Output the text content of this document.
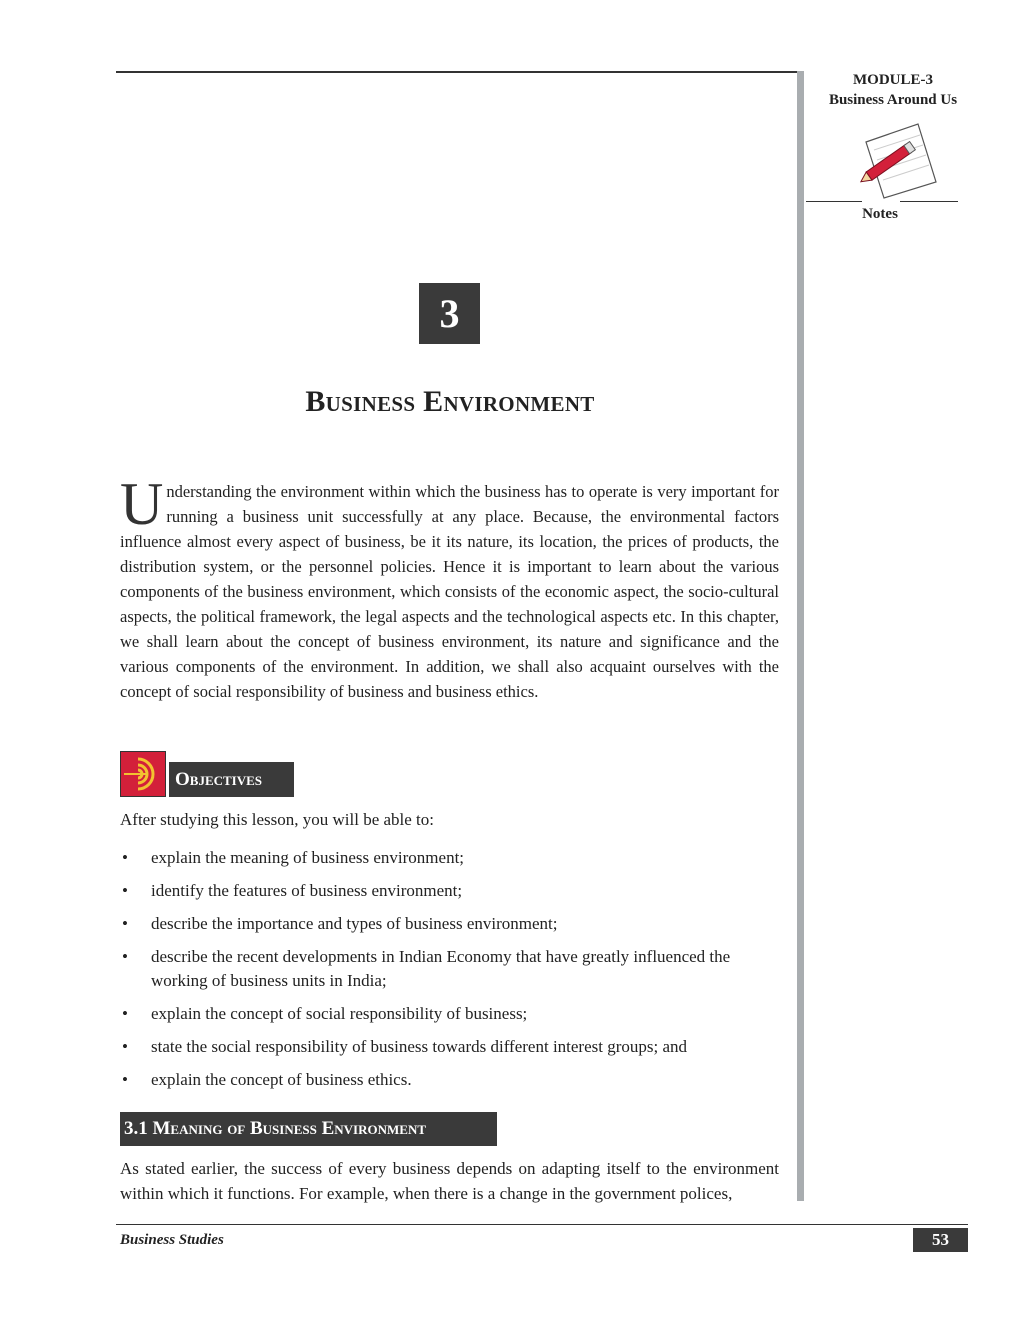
MODULE-3
Business Around Us
Notes
3
Business Environment
Understanding the environment within which the business has to operate is very important for running a business unit successfully at any place. Because, the environmental factors influence almost every aspect of business, be it its nature, its location, the prices of products, the distribution system, or the personnel policies. Hence it is important to learn about the various components of the business environment, which consists of the economic aspect, the socio-cultural aspects, the political framework, the legal aspects and the technological aspects etc. In this chapter, we shall learn about the concept of business environment, its nature and significance and the various components of the environment. In addition, we shall also acquaint ourselves with the concept of social responsibility of business and business ethics.
Objectives
After studying this lesson, you will be able to:
• explain the meaning of business environment;
• identify the features of business environment;
• describe the importance and types of business environment;
• describe the recent developments in Indian Economy that have greatly influenced the working of business units in India;
• explain the concept of social responsibility of business;
• state the social responsibility of business towards different interest groups; and
• explain the concept of business ethics.
3.1 Meaning of Business Environment
As stated earlier, the success of every business depends on adapting itself to the environment within which it functions. For example, when there is a change in the government polices,
Business Studies	53
